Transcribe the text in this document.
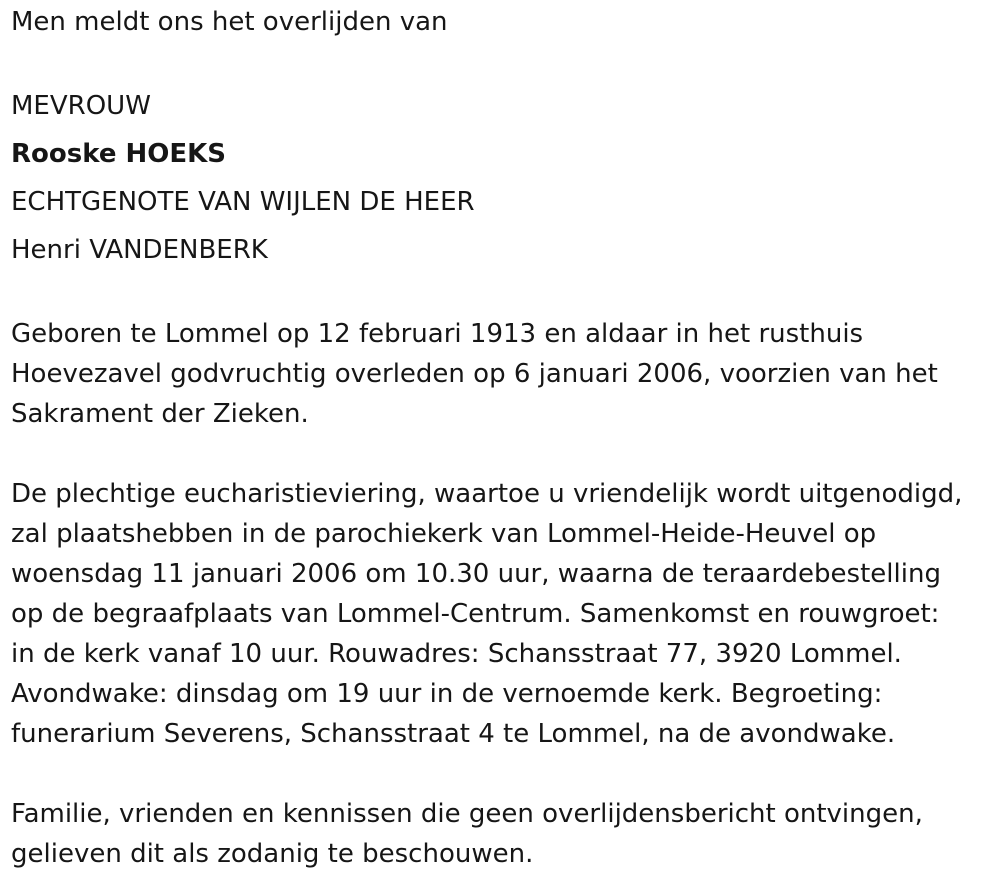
Men meldt ons het overlijden van
MEVROUW
Rooske HOEKS
ECHTGENOTE VAN WIJLEN DE HEER
Henri VANDENBERK
Geboren te Lommel op 12 februari 1913 en aldaar in het rusthuis
Hoevezavel godvruchtig overleden op 6 januari 2006, voorzien van het
Sakrament der Zieken.
De plechtige eucharistieviering, waartoe u vriendelijk wordt uitgenodigd,
zal plaatshebben in de parochiekerk van Lommel-Heide-Heuvel op
woensdag 11 januari 2006 om 10.30 uur, waarna de teraardebestelling
op de begraafplaats van Lommel-Centrum. Samenkomst en rouwgroet:
in de kerk vanaf 10 uur. Rouwadres: Schansstraat 77, 3920 Lommel.
Avondwake: dinsdag om 19 uur in de vernoemde kerk. Begroeting:
funerarium Severens, Schansstraat 4 te Lommel, na de avondwake.
Familie, vrienden en kennissen die geen overlijdensbericht ontvingen,
gelieven dit als zodanig te beschouwen.
